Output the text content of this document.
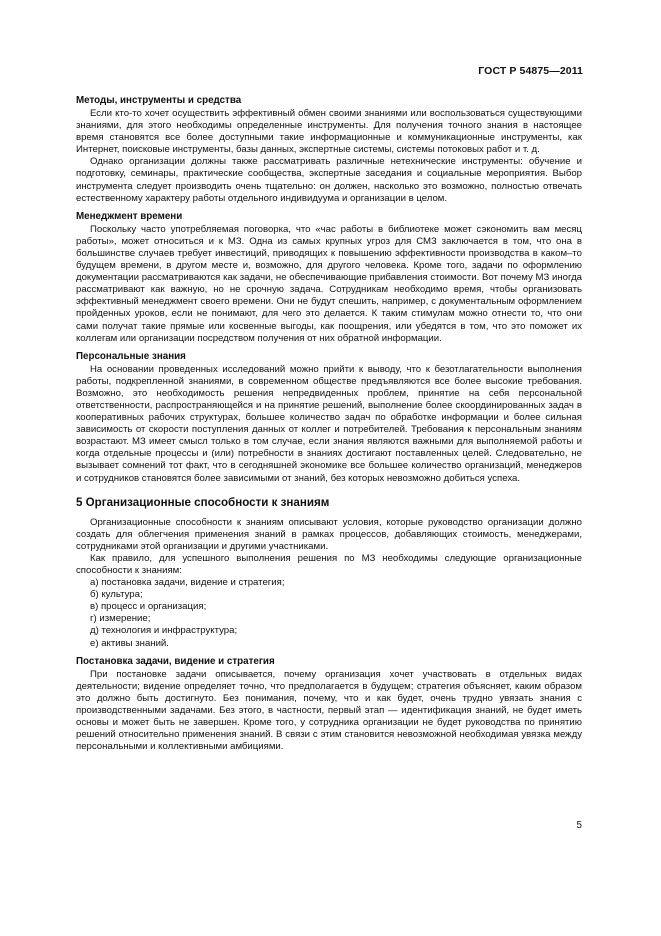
ГОСТ Р 54875—2011
Методы, инструменты и средства

Если кто-то хочет осуществить эффективный обмен своими знаниями или воспользоваться существующими знаниями, для этого необходимы определенные инструменты. Для получения точного знания в настоящее время становятся все более доступными такие информационные и коммуникационные инструменты, как Интернет, поисковые инструменты, базы данных, экспертные системы, системы потоковых работ и т. д.

Однако организации должны также рассматривать различные нетехнические инструменты: обучение и подготовку, семинары, практические сообщества, экспертные заседания и социальные мероприятия. Выбор инструмента следует производить очень тщательно: он должен, насколько это возможно, полностью отвечать естественному характеру работы отдельного индивидуума и организации в целом.

Менеджмент времени

Поскольку часто употребляемая поговорка, что «час работы в библиотеке может сэкономить вам месяц работы», может относиться и к МЗ. Одна из самых крупных угроз для СМЗ заключается в том, что она в большинстве случаев требует инвестиций, приводящих к повышению эффективности производства в каком–то будущем времени, в другом месте и, возможно, для другого человека. Кроме того, задачи по оформлению документации рассматриваются как задачи, не обеспечивающие прибавления стоимости. Вот почему МЗ иногда рассматривают как важную, но не срочную задача. Сотрудникам необходимо время, чтобы организовать эффективный менеджмент своего времени. Они не будут спешить, например, с документальным оформлением пройденных уроков, если не понимают, для чего это делается. К таким стимулам можно отнести то, что они сами получат такие прямые или косвенные выгоды, как поощрения, или убедятся в том, что это поможет их коллегам или организации посредством получения от них обратной информации.

Персональные знания

На основании проведенных исследований можно прийти к выводу, что к безотлагательности выполнения работы, подкрепленной знаниями, в современном обществе предъявляются все более высокие требования. Возможно, это необходимость решения непредвиденных проблем, принятие на себя персональной ответственности, распространяющейся и на принятие решений, выполнение более скоординированных задач в кооперативных рабочих структурах, большее количество задач по обработке информации и более сильная зависимость от скорости поступления данных от коллег и потребителей. Требования к персональным знаниям возрастают. МЗ имеет смысл только в том случае, если знания являются важными для выполняемой работы и когда отдельные процессы и (или) потребности в знаниях достигают поставленных целей. Следовательно, не вызывает сомнений тот факт, что в сегодняшней экономике все большее количество организаций, менеджеров и сотрудников становятся более зависимыми от знаний, без которых невозможно добиться успеха.

5 Организационные способности к знаниям

Организационные способности к знаниям описывают условия, которые руководство организации должно создать для облегчения применения знаний в рамках процессов, добавляющих стоимость, менеджерами, сотрудниками этой организации и другими участниками.

Как правило, для успешного выполнения решения по МЗ необходимы следующие организационные способности к знаниям:

а) постановка задачи, видение и стратегия;
б) культура;
в) процесс и организация;
г) измерение;
д) технология и инфраструктура;
е) активы знаний.
Постановка задачи, видение и стратегия

При постановке задачи описывается, почему организация хочет участвовать в отдельных видах деятельности; видение определяет точно, что предполагается в будущем; стратегия объясняет, каким образом это должно быть достигнуто. Без понимания, почему, что и как будет, очень трудно увязать знания с производственными задачами. Без этого, в частности, первый этап — идентификация знаний, не будет иметь основы и может быть не завершен. Кроме того, у сотрудника организации не будет руководства по принятию решений относительно применения знаний. В связи с этим становится невозможной необходимая увязка между персональными и коллективными амбициями.

5
